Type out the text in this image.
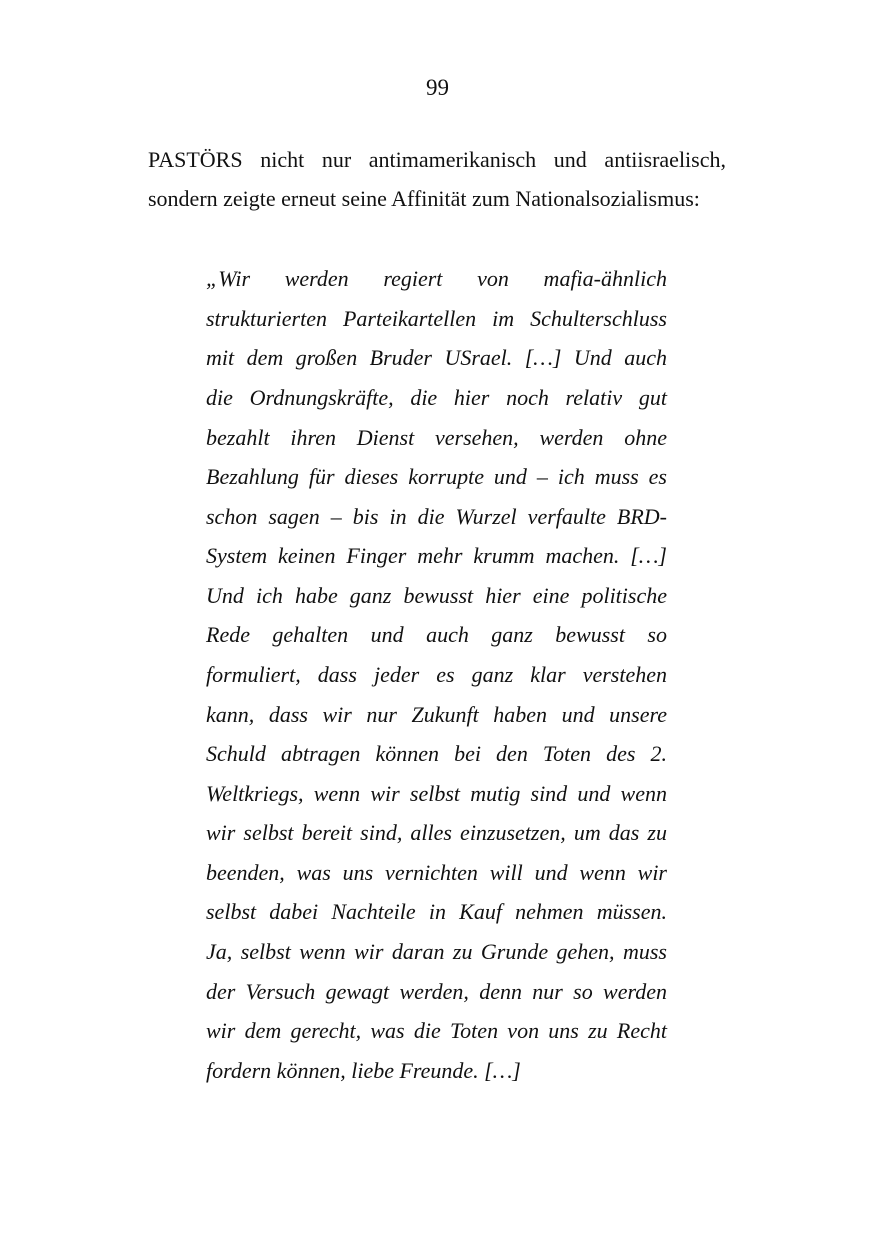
99
PASTÖRS nicht nur antimamerikanisch und antiisraelisch,
sondern zeigte erneut seine Affinität zum Nationalsozialismus:
„Wir werden regiert von mafia-ähnlich
strukturierten Parteikartellen im Schulterschluss
mit dem großen Bruder USrael. […] Und auch
die Ordnungskräfte, die hier noch relativ gut
bezahlt ihren Dienst versehen, werden ohne
Bezahlung für dieses korrupte und – ich muss es
schon sagen – bis in die Wurzel verfaulte BRD-
System keinen Finger mehr krumm machen. […]
Und ich habe ganz bewusst hier eine politische
Rede gehalten und auch ganz bewusst so
formuliert, dass jeder es ganz klar verstehen
kann, dass wir nur Zukunft haben und unsere
Schuld abtragen können bei den Toten des 2.
Weltkriegs, wenn wir selbst mutig sind und wenn
wir selbst bereit sind, alles einzusetzen, um das zu
beenden, was uns vernichten will und wenn wir
selbst dabei Nachteile in Kauf nehmen müssen.
Ja, selbst wenn wir daran zu Grunde gehen, muss
der Versuch gewagt werden, denn nur so werden
wir dem gerecht, was die Toten von uns zu Recht
fordern können, liebe Freunde. […]
